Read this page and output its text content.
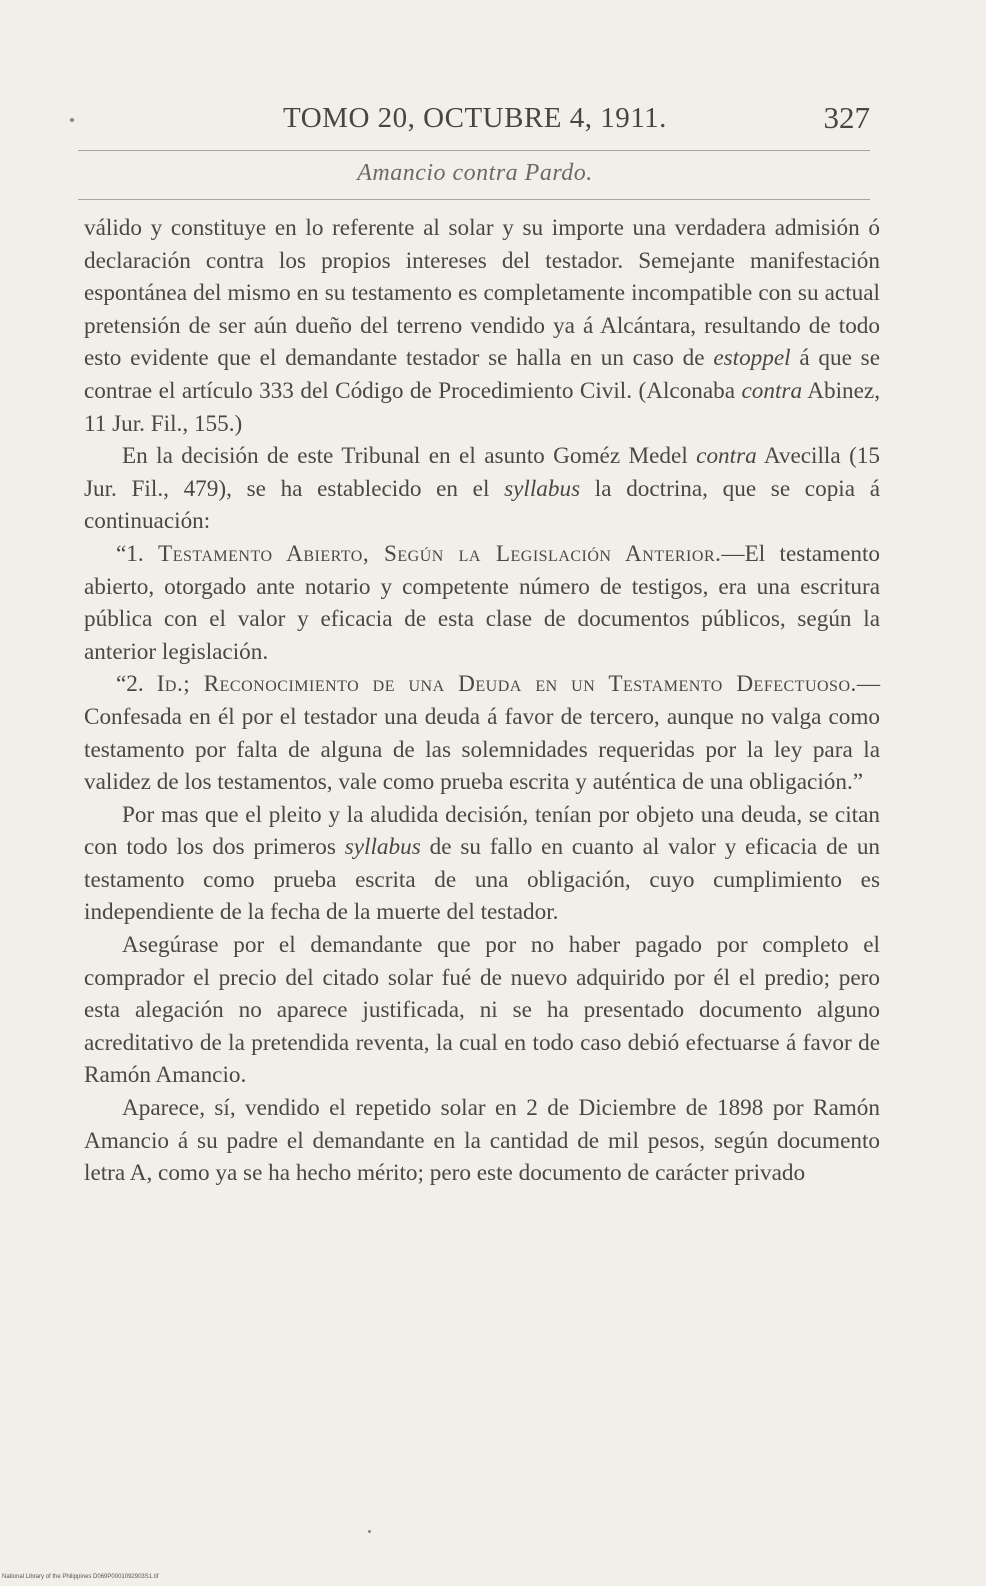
TOMO 20, OCTUBRE 4, 1911.	327
Amancio contra Pardo.

válido y constituye en lo referente al solar y su importe una verdadera admisión ó declaración contra los propios intereses del testador. Semejante manifestación espontánea del mismo en su testamento es completamente incompatible con su actual pretensión de ser aún dueño del terreno vendido ya á Alcántara, resultando de todo esto evidente que el demandante testador se halla en un caso de estoppel á que se contrae el artículo 333 del Código de Procedimiento Civil. (Alconaba contra Abinez, 11 Jur. Fil., 155.)

En la decisión de este Tribunal en el asunto Goméz Medel contra Avecilla (15 Jur. Fil., 479), se ha establecido en el syllabus la doctrina, que se copia á continuación:

“1. Testamento Abierto, Según la Legislación Anterior.—El testamento abierto, otorgado ante notario y competente número de testigos, era una escritura pública con el valor y eficacia de esta clase de documentos públicos, según la anterior legislación.

“2. Id.; Reconocimiento de una Deuda en un Testamento Defectuoso.—Confesada en él por el testador una deuda á favor de tercero, aunque no valga como testamento por falta de alguna de las solemnidades requeridas por la ley para la validez de los testamentos, vale como prueba escrita y auténtica de una obligación.”

Por mas que el pleito y la aludida decisión, tenían por objeto una deuda, se citan con todo los dos primeros syllabus de su fallo en cuanto al valor y eficacia de un testamento como prueba escrita de una obligación, cuyo cumplimiento es independiente de la fecha de la muerte del testador.

Asegúrase por el demandante que por no haber pagado por completo el comprador el precio del citado solar fué de nuevo adquirido por él el predio; pero esta alegación no aparece justificada, ni se ha presentado documento alguno acreditativo de la pretendida reventa, la cual en todo caso debió efectuarse á favor de Ramón Amancio.

Aparece, sí, vendido el repetido solar en 2 de Diciembre de 1898 por Ramón Amancio á su padre el demandante en la cantidad de mil pesos, según documento letra A, como ya se ha hecho mérito; pero este documento de carácter privado

National Library of the Philippines D069P0001092903S1.tif
